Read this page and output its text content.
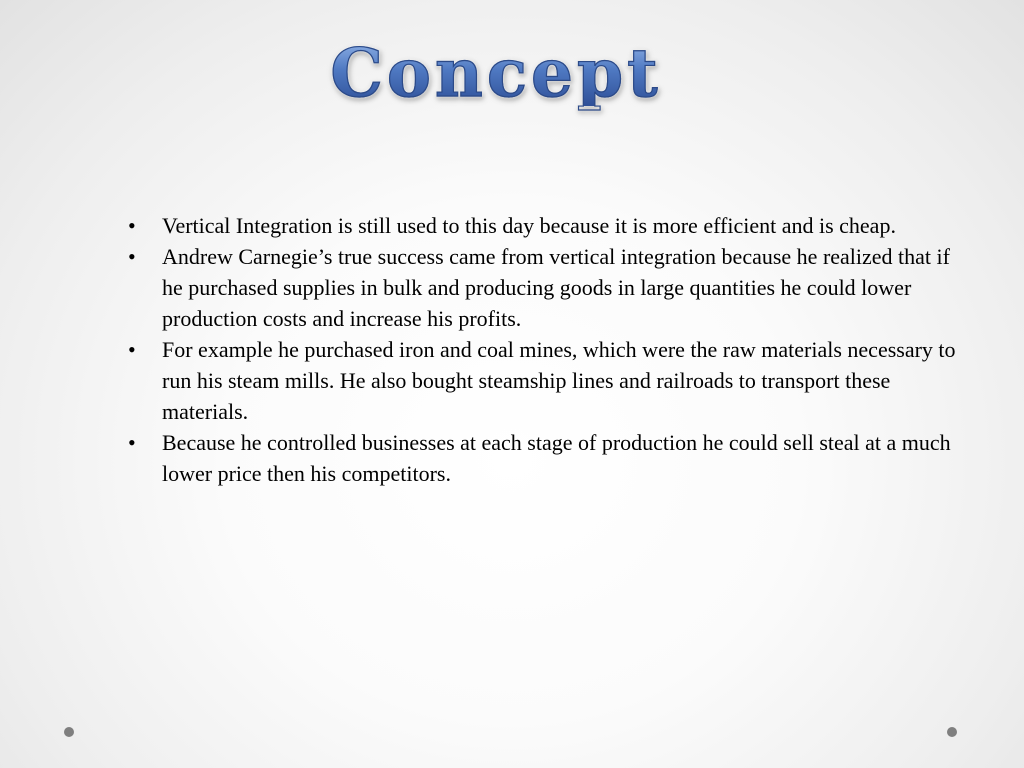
Concept
• Vertical Integration is still used to this day because it is more efficient and is cheap.
• Andrew Carnegie’s true success came from vertical integration because he realized that if he purchased supplies in bulk and producing goods in large quantities he could lower production costs and increase his profits.
• For example he purchased iron and coal mines, which were the raw materials necessary to run his steam mills. He also bought steamship lines and railroads to transport these materials.
• Because he controlled businesses at each stage of production he could sell steal at a much lower price then his competitors.
